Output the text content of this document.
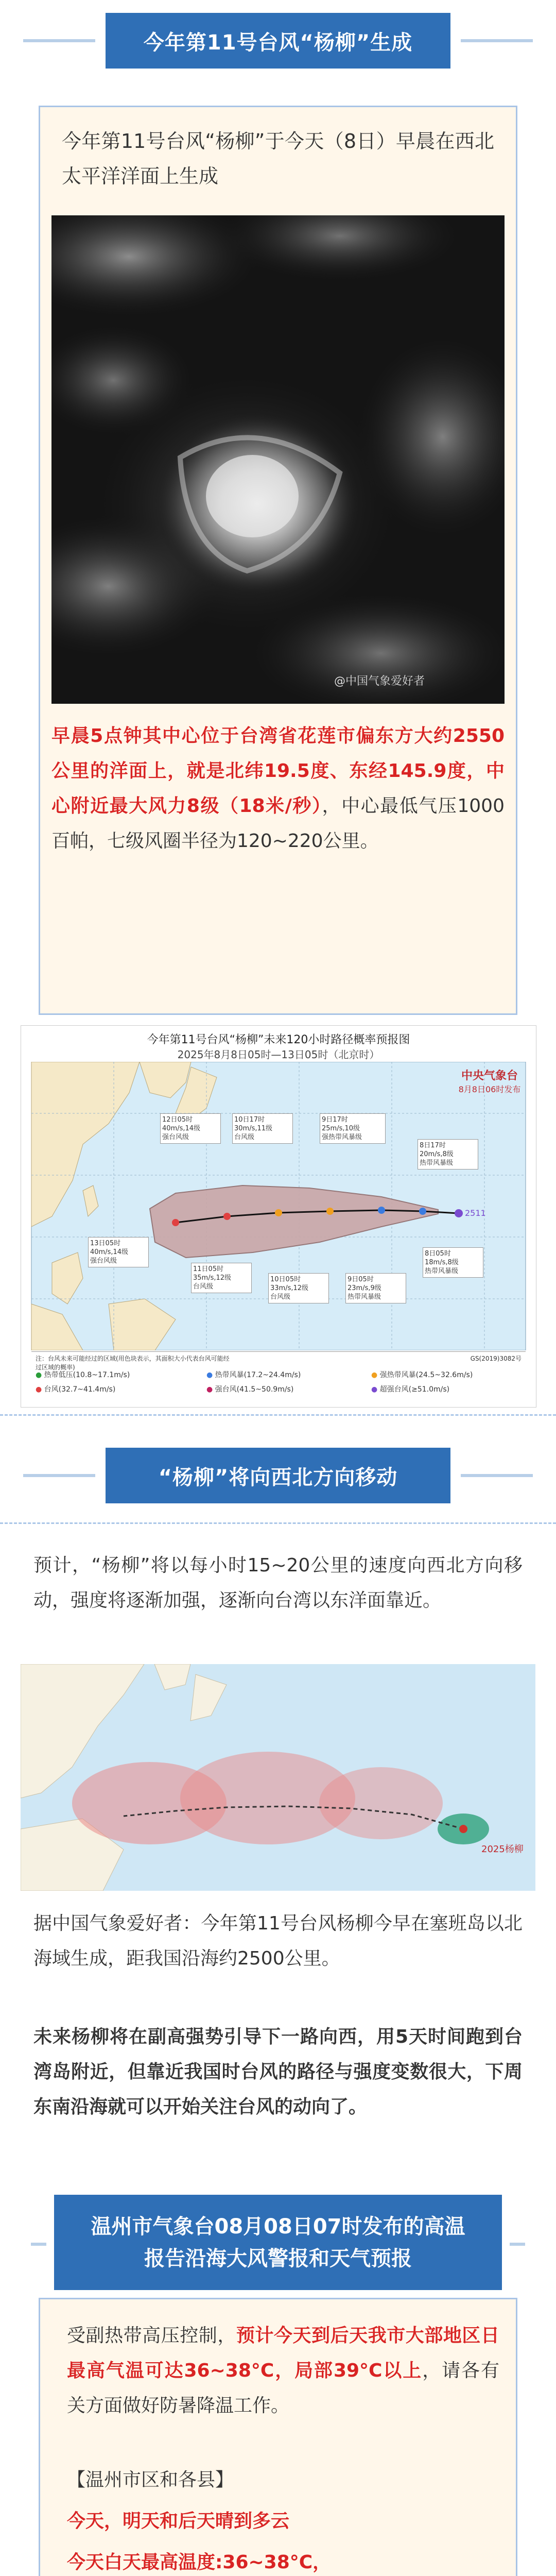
今年第11号台风“杨柳”生成

今年第11号台风“杨柳”于今天（8日）早晨在西北太平洋洋面上生成

@中国气象爱好者

早晨5点钟其中心位于台湾省花莲市偏东方大约2550公里的洋面上，就是北纬19.5度、东经145.9度，中心附近最大风力8级（18米/秒），中心最低气压1000百帕，七级风圈半径为120~220公里。

今年第11号台风“杨柳”未来120小时路径概率预报图
2025年8月8日05时—13日05时（北京时）
2511
12日05时
40m/s,14级
强台风级
10日17时
30m/s,11级
台风级
9日17时
25m/s,10级
强热带风暴级
8日17时
20m/s,8级
热带风暴级
13日05时
40m/s,14级
强台风级
11日05时
35m/s,12级
台风级
10日05时
33m/s,12级
台风级
9日05时
23m/s,9级
热带风暴级
8日05时
18m/s,8级
热带风暴级
中央气象台
8月8日06时发布
注：台风未来可能经过的区域(用色块表示，其面积大小代表台风可能经过区域的概率)
● 热带低压(10.8~17.1m/s)	● 热带风暴(17.2~24.4m/s)	● 强热带风暴(24.5~32.6m/s)
● 台风(32.7~41.4m/s)	● 强台风(41.5~50.9m/s)	● 超强台风(≥51.0m/s)
GS(2019)3082号
“杨柳”将向西北方向移动

预计，“杨柳”将以每小时15~20公里的速度向西北方向移动，强度将逐渐加强，逐渐向台湾以东洋面靠近。

2025杨柳

据中国气象爱好者：今年第11号台风杨柳今早在塞班岛以北海域生成，距我国沿海约2500公里。

未来杨柳将在副高强势引导下一路向西，用5天时间跑到台湾岛附近，但靠近我国时台风的路径与强度变数很大，下周东南沿海就可以开始关注台风的动向了。

温州市气象台08月08日07时发布的高温
报告沿海大风警报和天气预报

受副热带高压控制，预计今天到后天我市大部地区日最高气温可达36~38°C，局部39°C以上，请各有关方面做好防暑降温工作。

【温州市区和各县】

今天，明天和后天晴到多云

今天白天最高温度:36~38°C，
